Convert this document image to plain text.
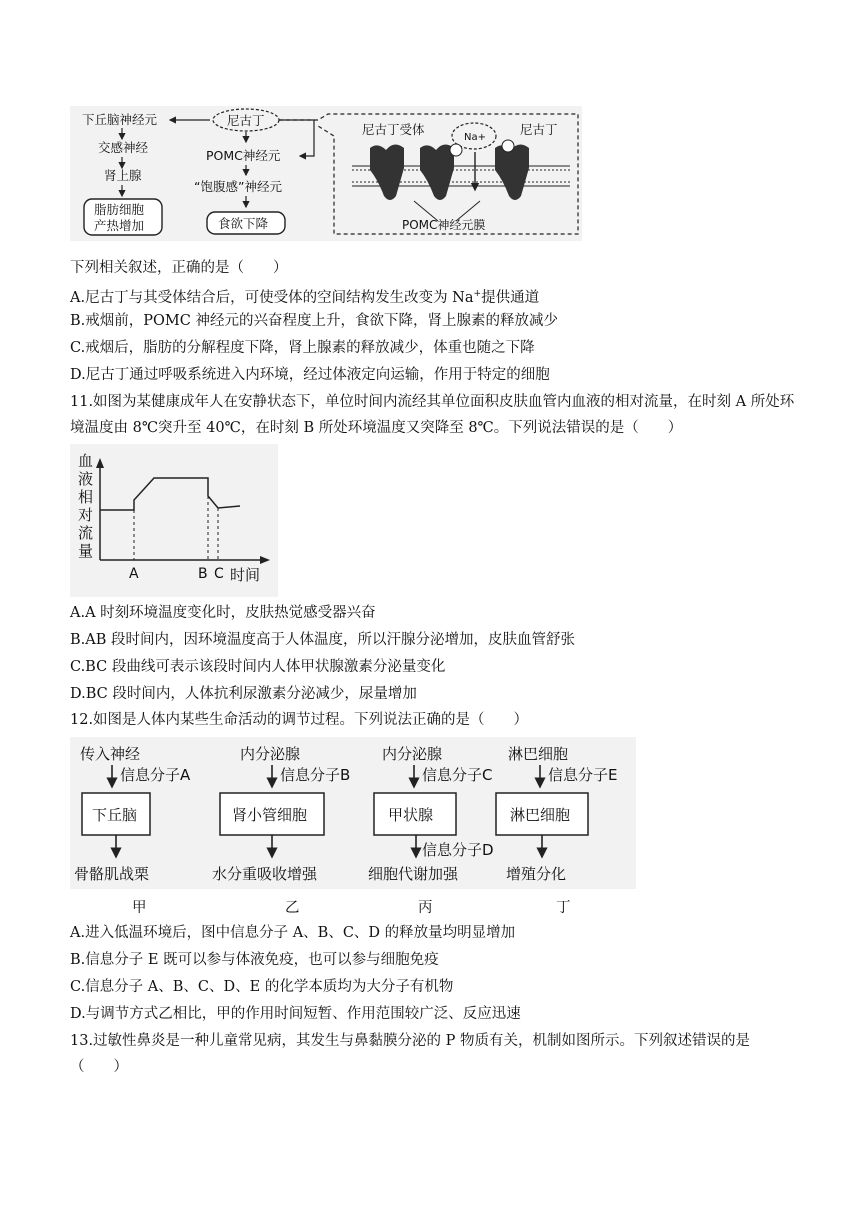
下丘脑神经元
交感神经
肾上腺
脂肪细胞
产热增加
尼古丁
POMC神经元
“饱腹感”神经元
食欲下降
尼古丁受体
Na+
尼古丁
POMC神经元膜
下列相关叙述，正确的是（　　）
A.尼古丁与其受体结合后，可使受体的空间结构发生改变为 Na+提供通道
B.戒烟前，POMC 神经元的兴奋程度上升，食欲下降，肾上腺素的释放减少
C.戒烟后，脂肪的分解程度下降，肾上腺素的释放减少，体重也随之下降
D.尼古丁通过呼吸系统进入内环境，经过体液定向运输，作用于特定的细胞
11.如图为某健康成年人在安静状态下，单位时间内流经其单位面积皮肤血管内血液的相对流量，在时刻 A 所处环境温度由 8℃突升至 40℃，在时刻 B 所处环境温度又突降至 8℃。下列说法错误的是（　　）
血
液
相
对
流
量
A	B C 时间
A.A 时刻环境温度变化时，皮肤热觉感受器兴奋
B.AB 段时间内，因环境温度高于人体温度，所以汗腺分泌增加，皮肤血管舒张
C.BC 段曲线可表示该段时间内人体甲状腺激素分泌量变化
D.BC 段时间内，人体抗利尿激素分泌减少，尿量增加
12.如图是人体内某些生命活动的调节过程。下列说法正确的是（　　）
传入神经
信息分子A
下丘脑
骨骼肌战栗
内分泌腺
信息分子B
肾小管细胞
水分重吸收增强
内分泌腺
信息分子C
甲状腺
信息分子D
细胞代谢加强
淋巴细胞
信息分子E
淋巴细胞
增殖分化
甲	乙	丙	丁
A.进入低温环境后，图中信息分子 A、B、C、D 的释放量均明显增加
B.信息分子 E 既可以参与体液免疫，也可以参与细胞免疫
C.信息分子 A、B、C、D、E 的化学本质均为大分子有机物
D.与调节方式乙相比，甲的作用时间短暂、作用范围较广泛、反应迅速
13.过敏性鼻炎是一种儿童常见病，其发生与鼻黏膜分泌的 P 物质有关，机制如图所示。下列叙述错误的是（　　）
